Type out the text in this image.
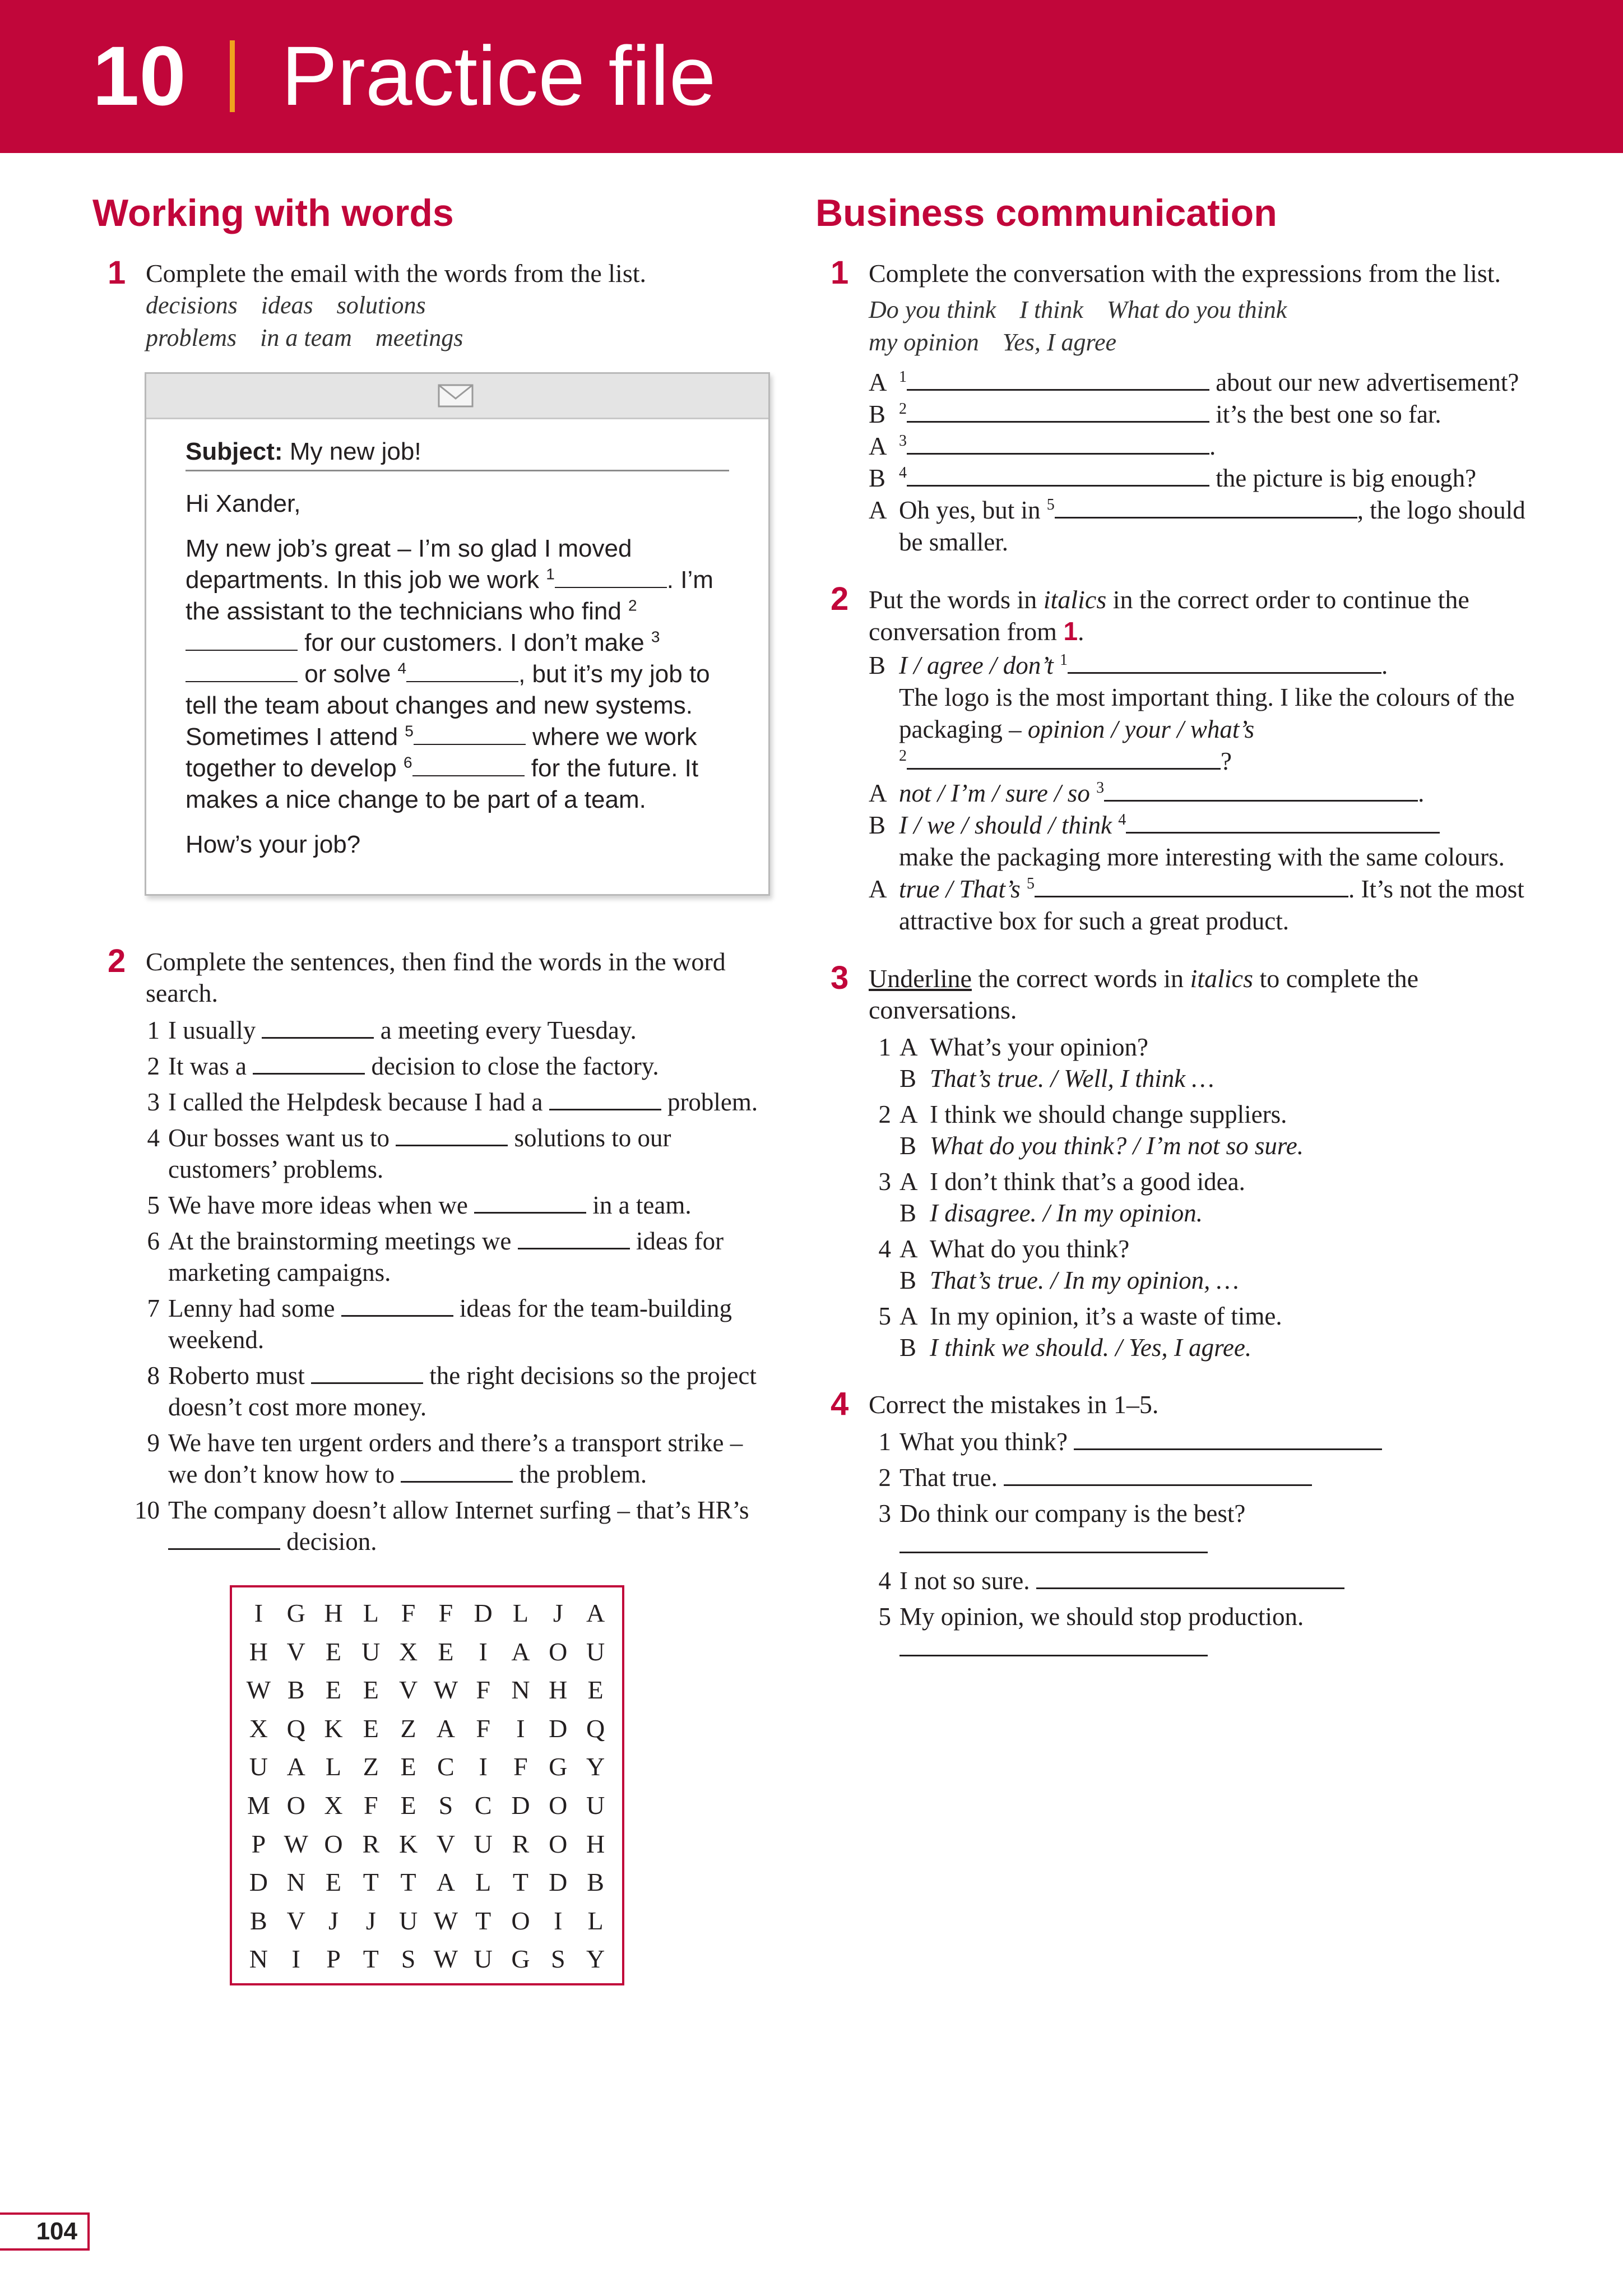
10 Practice file
Working with words
1 Complete the email with the words from the list.
decisions ideas solutions
problems in a team meetings
Subject: My new job!

Hi Xander,

My new job’s great – I’m so glad I moved departments. In this job we work $^1$	. I’m the assistant to the technicians who find $^2$ for our customers. I don’t make $^3$ or solve $^4$	, but it’s my job to tell the team about changes and new systems. Sometimes I attend $^5$	where we work together to develop $^6$	for the future. It makes a nice change to be part of a team.

How’s your job?

2 Complete the sentences, then find the words in the word search.
1 I usually	a meeting every Tuesday.
2 It was a	decision to close the factory.
3 I called the Helpdesk because I had a	problem.
4 Our bosses want us to	solutions to our customers’ problems.
5 We have more ideas when we	in a team.
6 At the brainstorming meetings we	ideas for marketing campaigns.
7 Lenny had some	ideas for the team-building weekend.
8 Roberto must	the right decisions so the project doesn’t cost more money.
9 We have ten urgent orders and there’s a transport strike – we don’t know how to	the problem.
10 The company doesn’t allow Internet surfing – that’s HR’s  decision.
I G H L F F D L J A
H V E U X E I A O U
W B E E V W F N H E
X Q K E Z A F	I D Q
U A L Z E C I	F G Y
M O X F E S C D O U
P W O R K V U R O H
D N E T T A L T D B
B V J	J U W T O I L
N I	P T S W U G S Y
Business communication
1 Complete the conversation with the expressions from the list.
Do you think I think What do you think
my opinion Yes, I agree
A $^1$	about our new advertisement?
B $^2$	it’s the best one so far.
A $^3$	.
B $^4$	the picture is big enough?
A Oh yes, but in $^5$	, the logo should be smaller.
2 Put the words in italics in the correct order to continue the conversation from 1.
B I / agree / don’t $^1$	.
The logo is the most important thing. I like the colours of the packaging – opinion / your / what’s
$^2$	?
A not / I’m / sure / so $^3$	.
B I / we / should / think $^4$
make the packaging more interesting with the same colours.
A true / That’s $^5$	. It’s not the most attractive box for such a great product.
3 Underline the correct words in italics to complete the conversations.
1 A What’s your opinion?
B That’s true. / Well, I think …
2 A I think we should change suppliers.
B What do you think? / I’m not so sure.
3 A I don’t think that’s a good idea.
B I disagree. / In my opinion.
4 A What do you think?
B That’s true. / In my opinion, …
5 A In my opinion, it’s a waste of time.
B I think we should. / Yes, I agree.
4 Correct the mistakes in 1–5.
1 What you think?
2 That true.
3 Do think our company is the best?

4 I not so sure.
5 My opinion, we should stop production.

104
